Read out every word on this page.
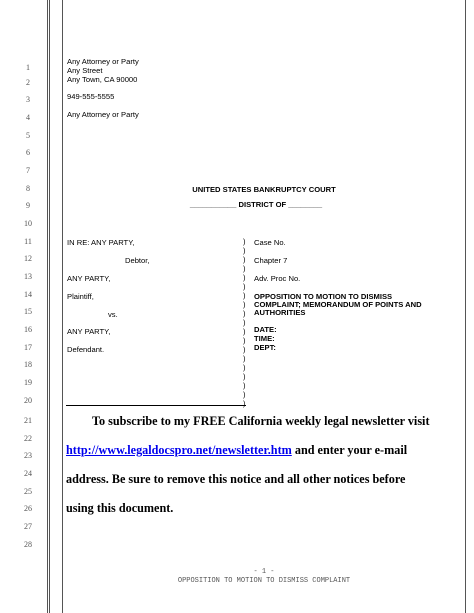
1
2
3
4
5
6
7
8
9
10
11
12
13
14
15
16
17
18
19
20
21
22
23
24
25
26
27
28
Any Attorney or Party
Any Street
Any Town, CA 90000
949-555-5555
Any Attorney or Party
UNITED STATES BANKRUPTCY COURT
___________ DISTRICT OF ________
IN RE: ANY PARTY,
Debtor,
ANY PARTY,
Plaintiff,
vs.
ANY PARTY,
Defendant.
)
)
)
)
)
)
)
)
)
)
)
)
)
)
)
)
)
)
)
Case No.
Chapter 7
Adv. Proc No.
OPPOSITION TO MOTION TO DISMISS
COMPLAINT; MEMORANDUM OF POINTS AND
AUTHORITIES
DATE:
TIME:
DEPT:
To subscribe to my FREE California weekly legal newsletter visit
http://www.legaldocspro.net/newsletter.htm and enter your e-mail
address. Be sure to remove this notice and all other notices before
using this document.
- 1 -
OPPOSITION TO MOTION TO DISMISS COMPLAINT
